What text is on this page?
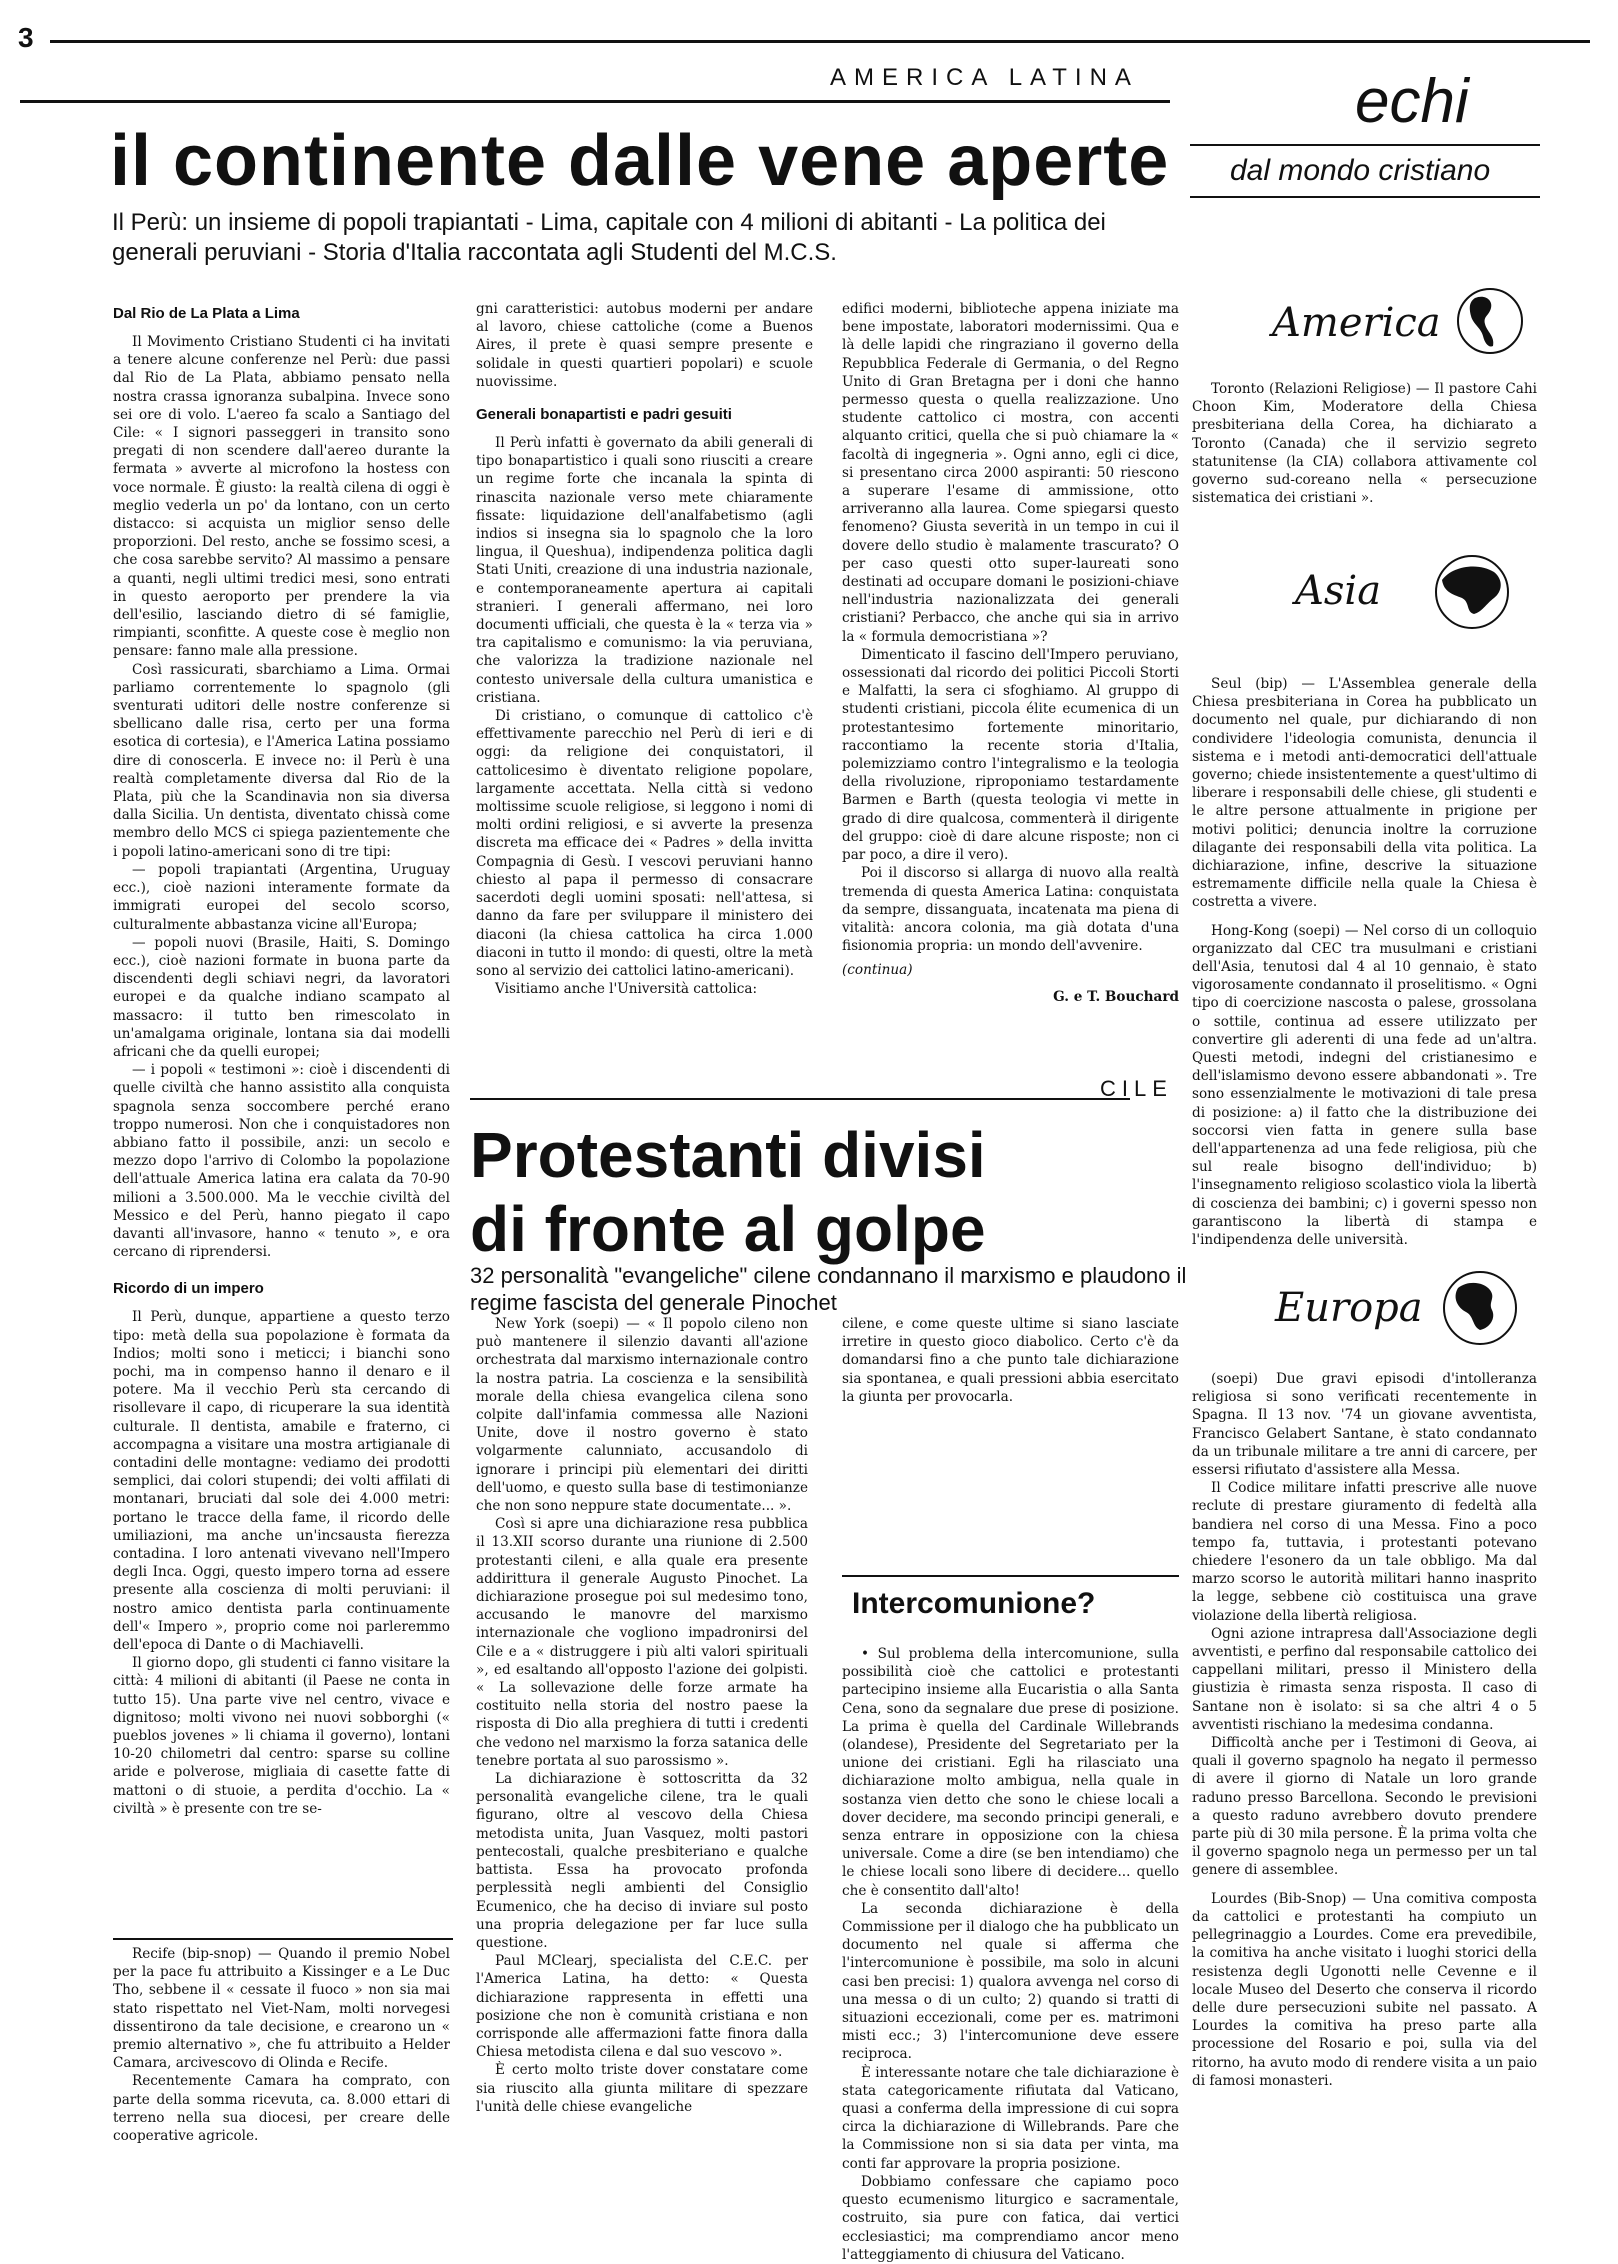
3
AMERICA LATINA
il continente dalle vene aperte
Il Perù: un insieme di popoli trapiantati - Lima, capitale con 4 milioni di abitanti - La politica dei generali peruviani - Storia d'Italia raccontata agli Studenti del M.C.S.
echi
dal mondo cristiano
Dal Rio de La Plata a Lima

Il Movimento Cristiano Studenti ci ha invitati a tenere alcune conferenze nel Perù: due passi dal Rio de La Plata, abbiamo pensato nella nostra crassa ignoranza subalpina. Invece sono sei ore di volo. L'aereo fa scalo a Santiago del Cile: « I signori passeggeri in transito sono pregati di non scendere dall'aereo durante la fermata » avverte al microfono la hostess con voce normale. È giusto: la realtà cilena di oggi è meglio vederla un po' da lontano, con un certo distacco: si acquista un miglior senso delle proporzioni. Del resto, anche se fossimo scesi, a che cosa sarebbe servito? Al massimo a pensare a quanti, negli ultimi tredici mesi, sono entrati in questo aeroporto per prendere la via dell'esilio, lasciando dietro di sé famiglie, rimpianti, sconfitte. A queste cose è meglio non pensare: fanno male alla pressione.

Così rassicurati, sbarchiamo a Lima. Ormai parliamo correntemente lo spagnolo (gli sventurati uditori delle nostre conferenze si sbellicano dalle risa, certo per una forma esotica di cortesia), e l'America Latina possiamo dire di conoscerla. E invece no: il Perù è una realtà completamente diversa dal Rio de la Plata, più che la Scandinavia non sia diversa dalla Sicilia. Un dentista, diventato chissà come membro dello MCS ci spiega pazientemente che i popoli latino-americani sono di tre tipi:

— popoli trapiantati (Argentina, Uruguay ecc.), cioè nazioni interamente formate da immigrati europei del secolo scorso, culturalmente abbastanza vicine all'Europa;

— popoli nuovi (Brasile, Haiti, S. Domingo ecc.), cioè nazioni formate in buona parte da discendenti degli schiavi negri, da lavoratori europei e da qualche indiano scampato al massacro: il tutto ben rimescolato in un'amalgama originale, lontana sia dai modelli africani che da quelli europei;

— i popoli « testimoni »: cioè i discendenti di quelle civiltà che hanno assistito alla conquista spagnola senza soccombere perché erano troppo numerosi. Non che i conquistadores non abbiano fatto il possibile, anzi: un secolo e mezzo dopo l'arrivo di Colombo la popolazione dell'attuale America latina era calata da 70-90 milioni a 3.500.000. Ma le vecchie civiltà del Messico e del Perù, hanno piegato il capo davanti all'invasore, hanno « tenuto », e ora cercano di riprendersi.

Ricordo di un impero

Il Perù, dunque, appartiene a questo terzo tipo: metà della sua popolazione è formata da Indios; molti sono i meticci; i bianchi sono pochi, ma in compenso hanno il denaro e il potere. Ma il vecchio Perù sta cercando di risollevare il capo, di ricuperare la sua identità culturale. Il dentista, amabile e fraterno, ci accompagna a visitare una mostra artigianale di contadini delle montagne: vediamo dei prodotti semplici, dai colori stupendi; dei volti affilati di montanari, bruciati dal sole dei 4.000 metri: portano le tracce della fame, il ricordo delle umiliazioni, ma anche un'incsausta fierezza contadina. I loro antenati vivevano nell'Impero degli Inca. Oggi, questo impero torna ad essere presente alla coscienza di molti peruviani: il nostro amico dentista parla continuamente dell'« Impero », proprio come noi parleremmo dell'epoca di Dante o di Machiavelli.

Il giorno dopo, gli studenti ci fanno visitare la città: 4 milioni di abitanti (il Paese ne conta in tutto 15). Una parte vive nel centro, vivace e dignitoso; molti vivono nei nuovi sobborghi (« pueblos jovenes » li chiama il governo), lontani 10-20 chilometri dal centro: sparse su colline aride e polverose, migliaia di casette fatte di mattoni o di stuoie, a perdita d'occhio. La « civiltà » è presente con tre se-

Recife (bip-snop) — Quando il premio Nobel per la pace fu attribuito a Kissinger e a Le Duc Tho, sebbene il « cessate il fuoco » non sia mai stato rispettato nel Viet-Nam, molti norvegesi dissentirono da tale decisione, e crearono un « premio alternativo », che fu attribuito a Helder Camara, arcivescovo di Olinda e Recife.

Recentemente Camara ha comprato, con parte della somma ricevuta, ca. 8.000 ettari di terreno nella sua diocesi, per creare delle cooperative agricole.

gni caratteristici: autobus moderni per andare al lavoro, chiese cattoliche (come a Buenos Aires, il prete è quasi sempre presente e solidale in questi quartieri popolari) e scuole nuovissime.

Generali bonapartisti e padri gesuiti

Il Perù infatti è governato da abili generali di tipo bonapartistico i quali sono riusciti a creare un regime forte che incanala la spinta di rinascita nazionale verso mete chiaramente fissate: liquidazione dell'analfabetismo (agli indios si insegna sia lo spagnolo che la loro lingua, il Queshua), indipendenza politica dagli Stati Uniti, creazione di una industria nazionale, e contemporaneamente apertura ai capitali stranieri. I generali affermano, nei loro documenti ufficiali, che questa è la « terza via » tra capitalismo e comunismo: la via peruviana, che valorizza la tradizione nazionale nel contesto universale della cultura umanistica e cristiana.

Di cristiano, o comunque di cattolico c'è effettivamente parecchio nel Perù di ieri e di oggi: da religione dei conquistatori, il cattolicesimo è diventato religione popolare, largamente accettata. Nella città si vedono moltissime scuole religiose, si leggono i nomi di molti ordini religiosi, e si avverte la presenza discreta ma efficace dei « Padres » della invitta Compagnia di Gesù. I vescovi peruviani hanno chiesto al papa il permesso di consacrare sacerdoti degli uomini sposati: nell'attesa, si danno da fare per sviluppare il ministero dei diaconi (la chiesa cattolica ha circa 1.000 diaconi in tutto il mondo: di questi, oltre la metà sono al servizio dei cattolici latino-americani).

Visitiamo anche l'Università cattolica:

edifici moderni, biblioteche appena iniziate ma bene impostate, laboratori modernissimi. Qua e là delle lapidi che ringraziano il governo della Repubblica Federale di Germania, o del Regno Unito di Gran Bretagna per i doni che hanno permesso questa o quella realizzazione. Uno studente cattolico ci mostra, con accenti alquanto critici, quella che si può chiamare la « facoltà di ingegneria ». Ogni anno, egli ci dice, si presentano circa 2000 aspiranti: 50 riescono a superare l'esame di ammissione, otto arriveranno alla laurea. Come spiegarsi questo fenomeno? Giusta severità in un tempo in cui il dovere dello studio è malamente trascurato? O per caso questi otto super-laureati sono destinati ad occupare domani le posizioni-chiave nell'industria nazionalizzata dei generali cristiani? Perbacco, che anche qui sia in arrivo la « formula democristiana »?

Dimenticato il fascino dell'Impero peruviano, ossessionati dal ricordo dei politici Piccoli Storti e Malfatti, la sera ci sfoghiamo. Al gruppo di studenti cristiani, piccola élite ecumenica di un protestantesimo fortemente minoritario, raccontiamo la recente storia d'Italia, polemizziamo contro l'integralismo e la teologia della rivoluzione, riproponiamo testardamente Barmen e Barth (questa teologia vi mette in grado di dire qualcosa, commenterà il dirigente del gruppo: cioè di dare alcune risposte; non ci par poco, a dire il vero).

Poi il discorso si allarga di nuovo alla realtà tremenda di questa America Latina: conquistata da sempre, dissanguata, incatenata ma piena di vitalità: ancora colonia, ma già dotata d'una fisionomia propria: un mondo dell'avvenire.

(continua)
G. e T. Bouchard
CILE
Protestanti divisi
di fronte al golpe
32 personalità "evangeliche" cilene condannano il marxismo e plaudono il regime fascista del generale Pinochet

New York (soepi) — « Il popolo cileno non può mantenere il silenzio davanti all'azione orchestrata dal marxismo internazionale contro la nostra patria. La coscienza e la sensibilità morale della chiesa evangelica cilena sono colpite dall'infamia commessa alle Nazioni Unite, dove il nostro governo è stato volgarmente calunniato, accusandolo di ignorare i principi più elementari dei diritti dell'uomo, e questo sulla base di testimonianze che non sono neppure state documentate... ».

Così si apre una dichiarazione resa pubblica il 13.XII scorso durante una riunione di 2.500 protestanti cileni, e alla quale era presente addirittura il generale Augusto Pinochet. La dichiarazione prosegue poi sul medesimo tono, accusando le manovre del marxismo internazionale che vogliono impadronirsi del Cile e a « distruggere i più alti valori spirituali », ed esaltando all'opposto l'azione dei golpisti. « La sollevazione delle forze armate ha costituito nella storia del nostro paese la risposta di Dio alla preghiera di tutti i credenti che vedono nel marxismo la forza satanica delle tenebre portata al suo parossismo ».

La dichiarazione è sottoscritta da 32 personalità evangeliche cilene, tra le quali figurano, oltre al vescovo della Chiesa metodista unita, Juan Vasquez, molti pastori pentecostali, qualche presbiteriano e qualche battista. Essa ha provocato profonda perplessità negli ambienti del Consiglio Ecumenico, che ha deciso di inviare sul posto una propria delegazione per far luce sulla questione.

Paul MClearj, specialista del C.E.C. per l'America Latina, ha detto: « Questa dichiarazione rappresenta in effetti una posizione che non è comunità cristiana e non corrisponde alle affermazioni fatte finora dalla Chiesa metodista cilena e dal suo vescovo ».

È certo molto triste dover constatare come sia riuscito alla giunta militare di spezzare l'unità delle chiese evangeliche

cilene, e come queste ultime si siano lasciate irretire in questo gioco diabolico. Certo c'è da domandarsi fino a che punto tale dichiarazione sia spontanea, e quali pressioni abbia esercitato la giunta per provocarla.

Intercomunione?

• Sul problema della intercomunione, sulla possibilità cioè che cattolici e protestanti partecipino insieme alla Eucaristia o alla Santa Cena, sono da segnalare due prese di posizione. La prima è quella del Cardinale Willebrands (olandese), Presidente del Segretariato per la unione dei cristiani. Egli ha rilasciato una dichiarazione molto ambigua, nella quale in sostanza vien detto che sono le chiese locali a dover decidere, ma secondo principi generali, e senza entrare in opposizione con la chiesa universale. Come a dire (se ben intendiamo) che le chiese locali sono libere di decidere... quello che è consentito dall'alto!

La seconda dichiarazione è della Commissione per il dialogo che ha pubblicato un documento nel quale si afferma che l'intercomunione è possibile, ma solo in alcuni casi ben precisi: 1) qualora avvenga nel corso di una messa o di un culto; 2) quando si tratti di situazioni eccezionali, come per es. matrimoni misti ecc.; 3) l'intercomunione deve essere reciproca.

È interessante notare che tale dichiarazione è stata categoricamente rifiutata dal Vaticano, quasi a conferma della impressione di cui sopra circa la dichiarazione di Willebrands. Pare che la Commissione non si sia data per vinta, ma conti far approvare la propria posizione.

Dobbiamo confessare che capiamo poco questo ecumenismo liturgico e sacramentale, costruito, sia pure con fatica, dai vertici ecclesiastici; ma comprendiamo ancor meno l'atteggiamento di chiusura del Vaticano.

America

Toronto (Relazioni Religiose) — Il pastore Cahi Choon Kim, Moderatore della Chiesa presbiteriana della Corea, ha dichiarato a Toronto (Canada) che il servizio segreto statunitense (la CIA) collabora attivamente col governo sud-coreano nella « persecuzione sistematica dei cristiani ».

Asia

Seul (bip) — L'Assemblea generale della Chiesa presbiteriana in Corea ha pubblicato un documento nel quale, pur dichiarando di non condividere l'ideologia comunista, denuncia il sistema e i metodi anti-democratici dell'attuale governo; chiede insistentemente a quest'ultimo di liberare i responsabili delle chiese, gli studenti e le altre persone attualmente in prigione per motivi politici; denuncia inoltre la corruzione dilagante dei responsabili della vita politica. La dichiarazione, infine, descrive la situazione estremamente difficile nella quale la Chiesa è costretta a vivere.

Hong-Kong (soepi) — Nel corso di un colloquio organizzato dal CEC tra musulmani e cristiani dell'Asia, tenutosi dal 4 al 10 gennaio, è stato vigorosamente condannato il proselitismo. « Ogni tipo di coercizione nascosta o palese, grossolana o sottile, continua ad essere utilizzato per convertire gli aderenti di una fede ad un'altra. Questi metodi, indegni del cristianesimo e dell'islamismo devono essere abbandonati ». Tre sono essenzialmente le motivazioni di tale presa di posizione: a) il fatto che la distribuzione dei soccorsi vien fatta in genere sulla base dell'appartenenza ad una fede religiosa, più che sul reale bisogno dell'individuo; b) l'insegnamento religioso scolastico viola la libertà di coscienza dei bambini; c) i governi spesso non garantiscono la libertà di stampa e l'indipendenza delle università.

Europa

(soepi) Due gravi episodi d'intolleranza religiosa si sono verificati recentemente in Spagna. Il 13 nov. '74 un giovane avventista, Francisco Gelabert Santane, è stato condannato da un tribunale militare a tre anni di carcere, per essersi rifiutato d'assistere alla Messa.

Il Codice militare infatti prescrive alle nuove reclute di prestare giuramento di fedeltà alla bandiera nel corso di una Messa. Fino a poco tempo fa, tuttavia, i protestanti potevano chiedere l'esonero da un tale obbligo. Ma dal marzo scorso le autorità militari hanno inasprito la legge, sebbene ciò costituisca una grave violazione della libertà religiosa.

Ogni azione intrapresa dall'Associazione degli avventisti, e perfino dal responsabile cattolico dei cappellani militari, presso il Ministero della giustizia è rimasta senza risposta. Il caso di Santane non è isolato: si sa che altri 4 o 5 avventisti rischiano la medesima condanna.

Difficoltà anche per i Testimoni di Geova, ai quali il governo spagnolo ha negato il permesso di avere il giorno di Natale un loro grande raduno presso Barcellona. Secondo le previsioni a questo raduno avrebbero dovuto prendere parte più di 30 mila persone. È la prima volta che il governo spagnolo nega un permesso per un tal genere di assemblee.

Lourdes (Bib-Snop) — Una comitiva composta da cattolici e protestanti ha compiuto un pellegrinaggio a Lourdes. Come era prevedibile, la comitiva ha anche visitato i luoghi storici della resistenza degli Ugonotti nelle Cevenne e il locale Museo del Deserto che conserva il ricordo delle dure persecuzioni subite nel passato. A Lourdes la comitiva ha preso parte alla processione del Rosario e poi, sulla via del ritorno, ha avuto modo di rendere visita a un paio di famosi monasteri.
